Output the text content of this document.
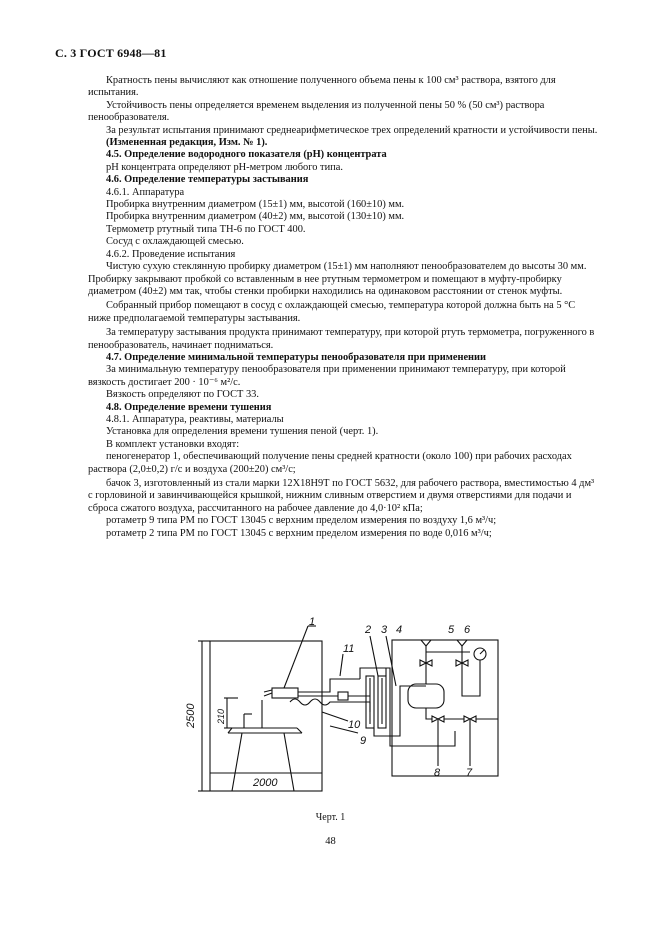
С. 3 ГОСТ 6948—81

Кратность пены вычисляют как отношение полученного объема пены к 100 см³ раствора, взятого для испытания.

Устойчивость пены определяется временем выделения из полученной пены 50 % (50 см³) раствора пенообразователя.

За результат испытания принимают среднеарифметическое трех определений кратности и устойчивости пены.

(Измененная редакция, Изм. № 1).

4.5. Определение водородного показателя (рН) концентрата

рН концентрата определяют рН-метром любого типа.

4.6. Определение температуры застывания

4.6.1. Аппаратура

Пробирка внутренним диаметром (15±1) мм, высотой (160±10) мм.

Пробирка внутренним диаметром (40±2) мм, высотой (130±10) мм.

Термометр ртутный типа ТН-6 по ГОСТ 400.

Сосуд с охлаждающей смесью.

4.6.2. Проведение испытания

Чистую сухую стеклянную пробирку диаметром (15±1) мм наполняют пенообразователем до высоты 30 мм. Пробирку закрывают пробкой со вставленным в нее ртутным термометром и помещают в муфту-пробирку диаметром (40±2) мм так, чтобы стенки пробирки находились на одинаковом расстоянии от стенок муфты.

Собранный прибор помещают в сосуд с охлаждающей смесью, температура которой должна быть на 5 °С ниже предполагаемой температуры застывания.

За температуру застывания продукта принимают температуру, при которой ртуть термометра, погруженного в пенообразователь, начинает подниматься.

4.7. Определение минимальной температуры пенообразователя при применении

За минимальную температуру пенообразователя при применении принимают температуру, при которой вязкость достигает 200 · 10⁻⁶ м²/с.

Вязкость определяют по ГОСТ 33.

4.8. Определение времени тушения

4.8.1. Аппаратура, реактивы, материалы

Установка для определения времени тушения пеной (черт. 1).

В комплект установки входят:

пеногенератор 1, обеспечивающий получение пены средней кратности (около 100) при рабочих расходах раствора (2,0±0,2) г/с и воздуха (200±20) см³/с;

бачок 3, изготовленный из стали марки 12Х18Н9Т по ГОСТ 5632, для рабочего раствора, вместимостью 4 дм³ с горловиной и завинчивающейся крышкой, нижним сливным отверстием и двумя отверстиями для подачи и сброса сжатого воздуха, рассчитанного на рабочее давление до 4,0·10² кПа;

ротаметр 9 типа РМ по ГОСТ 13045 с верхним пределом измерения по воздуху 1,6 м³/ч;

ротаметр 2 типа РМ по ГОСТ 13045 с верхним пределом измерения по воде 0,016 м³/ч;

2500 210
2000
1
2 3 4	5 6
7
8
9
10
11
Черт. 1
48
